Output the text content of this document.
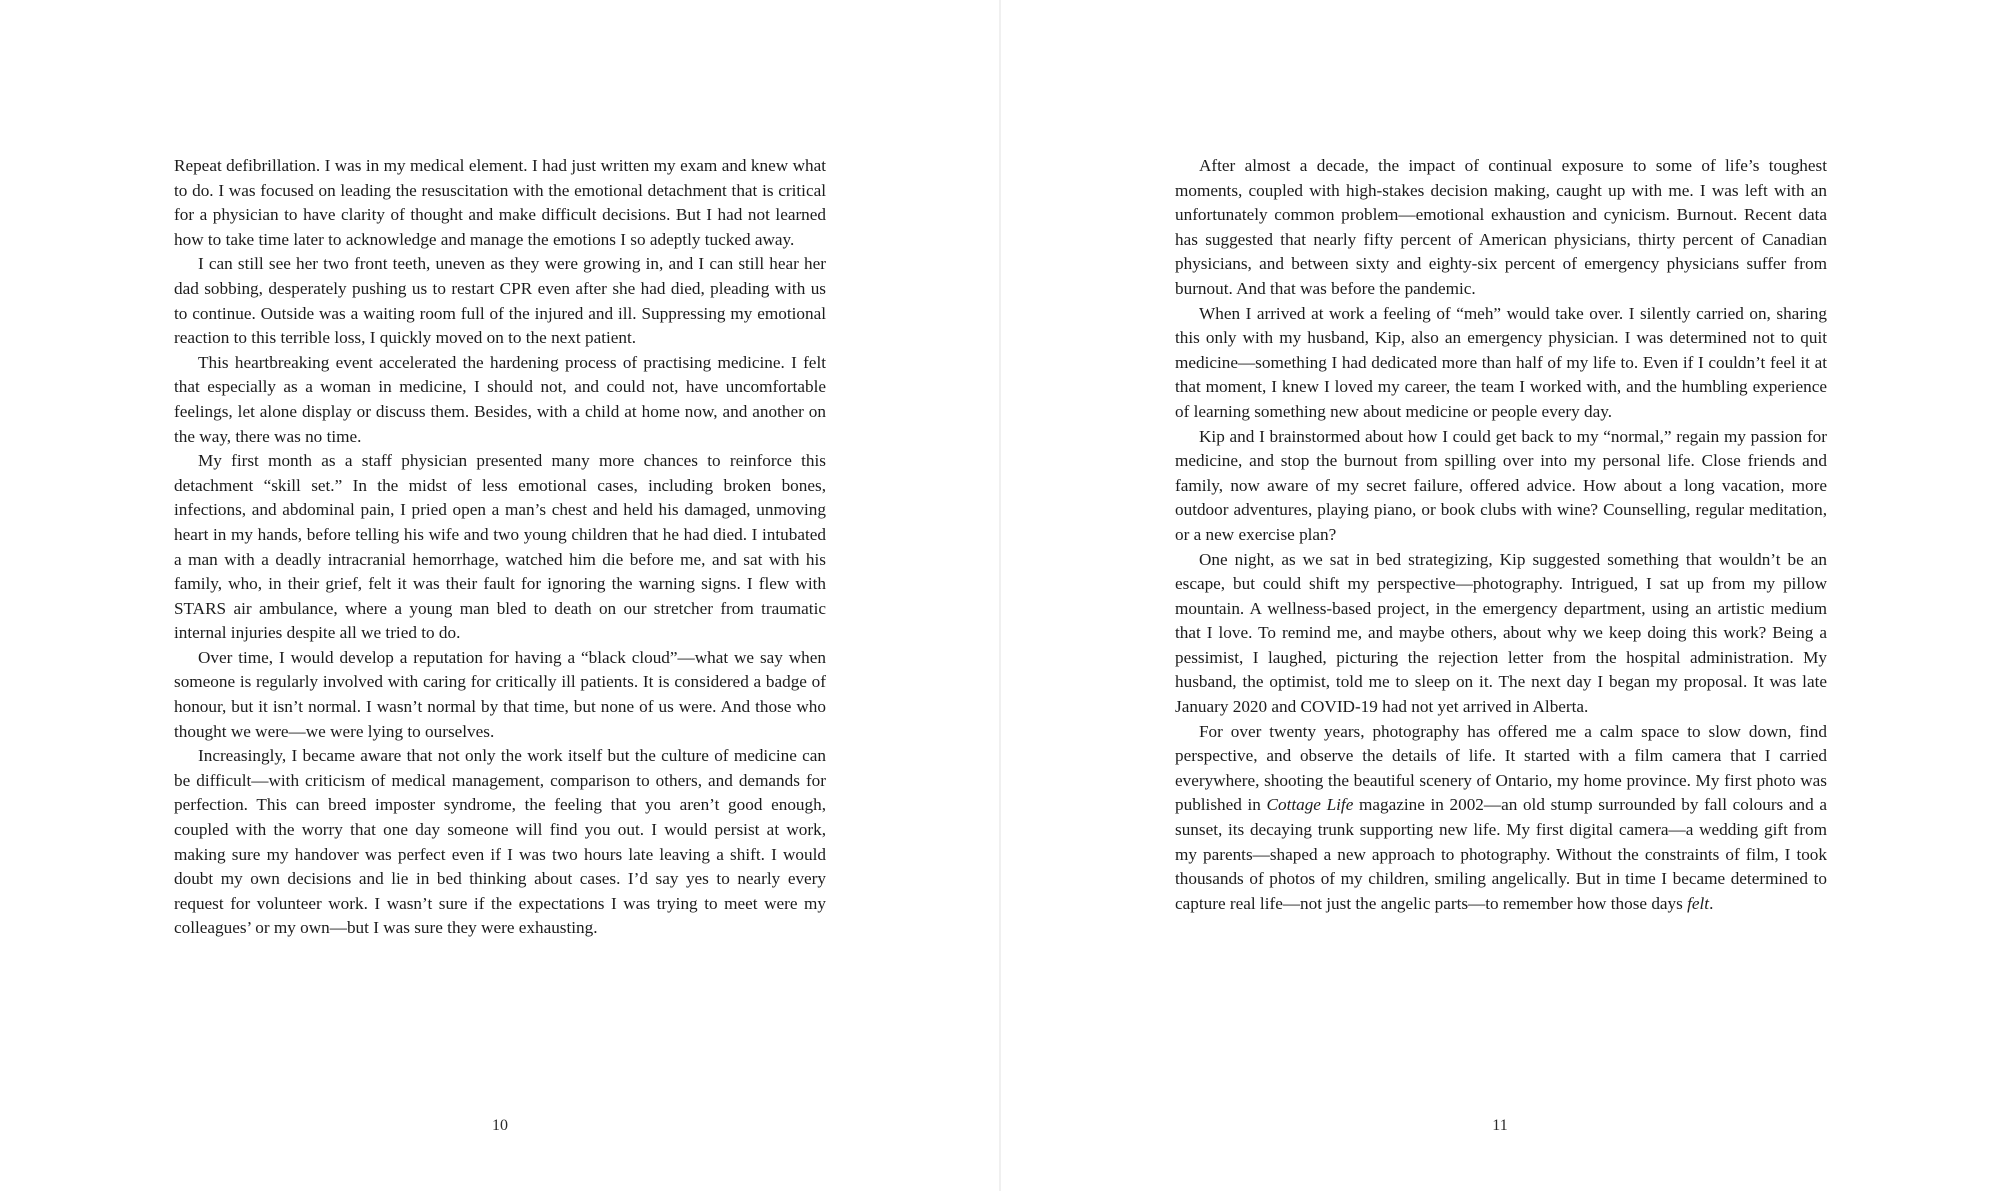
Repeat defibrillation. I was in my medical element. I had just written my exam and knew what to do. I was focused on leading the resuscitation with the emotional detachment that is critical for a physician to have clarity of thought and make difficult decisions. But I had not learned how to take time later to acknowledge and manage the emotions I so adeptly tucked away.

I can still see her two front teeth, uneven as they were growing in, and I can still hear her dad sobbing, desperately pushing us to restart CPR even after she had died, pleading with us to continue. Outside was a waiting room full of the injured and ill. Suppressing my emotional reaction to this terrible loss, I quickly moved on to the next patient.

This heartbreaking event accelerated the hardening process of practising medicine. I felt that especially as a woman in medicine, I should not, and could not, have uncomfortable feelings, let alone display or discuss them. Besides, with a child at home now, and another on the way, there was no time.

My first month as a staff physician presented many more chances to reinforce this detachment “skill set.” In the midst of less emotional cases, including broken bones, infections, and abdominal pain, I pried open a man’s chest and held his damaged, unmoving heart in my hands, before telling his wife and two young children that he had died. I intubated a man with a deadly intracranial hemorrhage, watched him die before me, and sat with his family, who, in their grief, felt it was their fault for ignoring the warning signs. I flew with STARS air ambulance, where a young man bled to death on our stretcher from traumatic internal injuries despite all we tried to do.

Over time, I would develop a reputation for having a “black cloud”—what we say when someone is regularly involved with caring for critically ill patients. It is considered a badge of honour, but it isn’t normal. I wasn’t normal by that time, but none of us were. And those who thought we were—we were lying to ourselves.

Increasingly, I became aware that not only the work itself but the culture of medicine can be difficult—with criticism of medical management, comparison to others, and demands for perfection. This can breed imposter syndrome, the feeling that you aren’t good enough, coupled with the worry that one day someone will find you out. I would persist at work, making sure my handover was perfect even if I was two hours late leaving a shift. I would doubt my own decisions and lie in bed thinking about cases. I’d say yes to nearly every request for volunteer work. I wasn’t sure if the expectations I was trying to meet were my colleagues’ or my own—but I was sure they were exhausting.

10

After almost a decade, the impact of continual exposure to some of life’s toughest moments, coupled with high-stakes decision making, caught up with me. I was left with an unfortunately common problem—emotional exhaustion and cynicism. Burnout. Recent data has suggested that nearly fifty percent of American physicians, thirty percent of Canadian physicians, and between sixty and eighty-six percent of emergency physicians suffer from burnout. And that was before the pandemic.

When I arrived at work a feeling of “meh” would take over. I silently carried on, sharing this only with my husband, Kip, also an emergency physician. I was determined not to quit medicine—something I had dedicated more than half of my life to. Even if I couldn’t feel it at that moment, I knew I loved my career, the team I worked with, and the humbling experience of learning something new about medicine or people every day.

Kip and I brainstormed about how I could get back to my “normal,” regain my passion for medicine, and stop the burnout from spilling over into my personal life. Close friends and family, now aware of my secret failure, offered advice. How about a long vacation, more outdoor adventures, playing piano, or book clubs with wine? Counselling, regular meditation, or a new exercise plan?

One night, as we sat in bed strategizing, Kip suggested something that wouldn’t be an escape, but could shift my perspective—photography. Intrigued, I sat up from my pillow mountain. A wellness-based project, in the emergency department, using an artistic medium that I love. To remind me, and maybe others, about why we keep doing this work? Being a pessimist, I laughed, picturing the rejection letter from the hospital administration. My husband, the optimist, told me to sleep on it. The next day I began my proposal. It was late January 2020 and COVID-19 had not yet arrived in Alberta.

For over twenty years, photography has offered me a calm space to slow down, find perspective, and observe the details of life. It started with a film camera that I carried everywhere, shooting the beautiful scenery of Ontario, my home province. My first photo was published in Cottage Life magazine in 2002—an old stump surrounded by fall colours and a sunset, its decaying trunk supporting new life. My first digital camera—a wedding gift from my parents—shaped a new approach to photography. Without the constraints of film, I took thousands of photos of my children, smiling angelically. But in time I became determined to capture real life—not just the angelic parts—to remember how those days felt.

11
